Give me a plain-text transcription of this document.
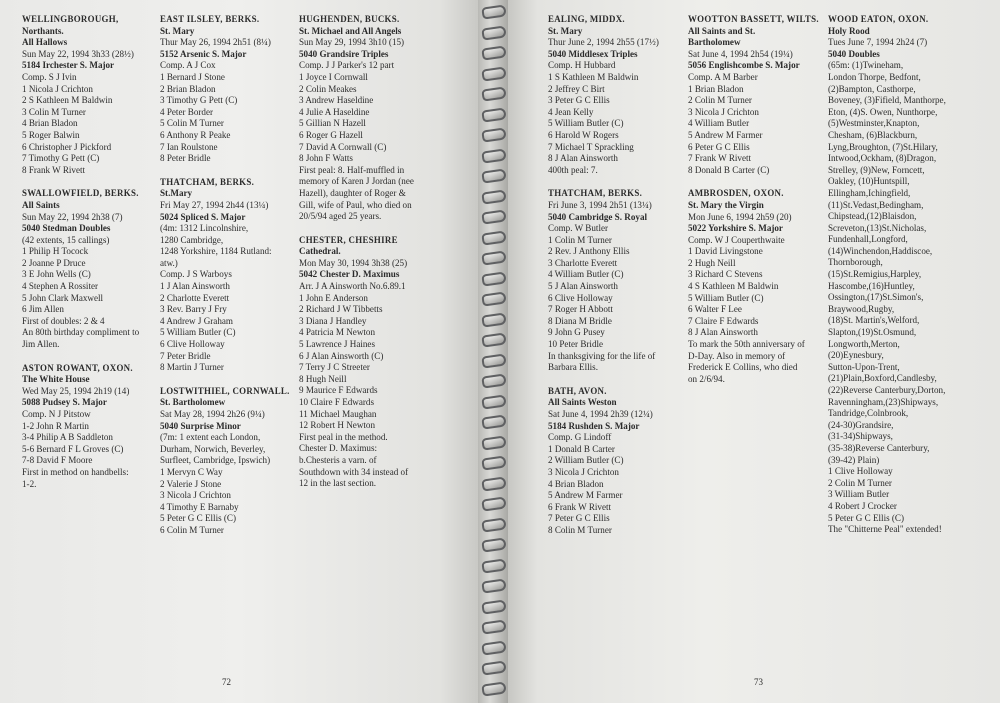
WELLINGBOROUGH,
Northants.
All Hallows
Sun May 22, 1994 3h33 (28½)
5184 Irchester S. Major
Comp. S J Ivin
1 Nicola J Crichton
2 S Kathleen M Baldwin
3 Colin M Turner
4 Brian Bladon
5 Roger Balwin
6 Christopher J Pickford
7 Timothy G Pett (C)
8 Frank W Rivett
SWALLOWFIELD, BERKS.
All Saints
Sun May 22, 1994 2h38 (7)
5040 Stedman Doubles
(42 extents, 15 callings)
1 Philip H Tocock
2 Joanne P Druce
3 E John Wells (C)
4 Stephen A Rossiter
5 John Clark Maxwell
6 Jim Allen
First of doubles: 2 & 4
An 80th birthday compliment to
Jim Allen.
ASTON ROWANT, OXON.
The White House
Wed May 25, 1994 2h19 (14)
5088 Pudsey S. Major
Comp. N J Pitstow
1-2 John R Martin
3-4 Philip A B Saddleton
5-6 Bernard F L Groves (C)
7-8 David F Moore
First in method on handbells:
1-2.
EAST ILSLEY, BERKS.
St. Mary
Thur May 26, 1994 2h51 (8¼)
5152 Arsenic S. Major
Comp. A J Cox
1 Bernard J Stone
2 Brian Bladon
3 Timothy G Pett (C)
4 Peter Border
5 Colin M Turner
6 Anthony R Peake
7 Ian Roulstone
8 Peter Bridle
THATCHAM, BERKS.
St.Mary
Fri May 27, 1994 2h44 (13¼)
5024 Spliced S. Major
(4m: 1312 Lincolnshire,
1280 Cambridge,
1248 Yorkshire, 1184 Rutland:
atw.)
Comp. J S Warboys
1 J Alan Ainsworth
2 Charlotte Everett
3 Rev. Barry J Fry
4 Andrew J Graham
5 William Butler (C)
6 Clive Holloway
7 Peter Bridle
8 Martin J Turner
LOSTWITHIEL, CORNWALL.
St. Bartholomew
Sat May 28, 1994 2h26 (9¼)
5040 Surprise Minor
(7m: 1 extent each London,
Durham, Norwich, Beverley,
Surfleet, Cambridge, Ipswich)
1 Mervyn C Way
2 Valerie J Stone
3 Nicola J Crichton
4 Timothy E Barnaby
5 Peter G C Ellis (C)
6 Colin M Turner
HUGHENDEN, BUCKS.
St. Michael and All Angels
Sun May 29, 1994 3h10 (15)
5040 Grandsire Triples
Comp. J J Parker's 12 part
1 Joyce I Cornwall
2 Colin Meakes
3 Andrew Haseldine
4 Julie A Haseldine
5 Gillian N Hazell
6 Roger G Hazell
7 David A Cornwall (C)
8 John F Watts
First peal: 8. Half-muffled in
memory of Karen J Jordan (nee
Hazell), daughter of Roger &
Gill, wife of Paul, who died on
20/5/94 aged 25 years.
CHESTER, CHESHIRE
Cathedral.
Mon May 30, 1994 3h38 (25)
5042 Chester D. Maximus
Arr. J A Ainsworth No.6.89.1
1 John E Anderson
2 Richard J W Tibbetts
3 Diana J Handley
4 Patricia M Newton
5 Lawrence J Haines
6 J Alan Ainsworth (C)
7 Terry J C Streeter
8 Hugh Neill
9 Maurice F Edwards
10 Claire F Edwards
11 Michael Maughan
12 Robert H Newton
First peal in the method.
Chester D. Maximus:
b.Chesteris a varn. of
Southdown with 34 instead of
12 in the last section.
72
EALING, MIDDX.
St. Mary
Thur June 2, 1994 2h55 (17½)
5040 Middlesex Triples
Comp. H Hubbard
1 S Kathleen M Baldwin
2 Jeffrey C Birt
3 Peter G C Ellis
4 Jean Kelly
5 William Butler (C)
6 Harold W Rogers
7 Michael T Sprackling
8 J Alan Ainsworth
400th peal: 7.
THATCHAM, BERKS.
Fri June 3, 1994 2h51 (13¼)
5040 Cambridge S. Royal
Comp. W Butler
1 Colin M Turner
2 Rev. J Anthony Ellis
3 Charlotte Everett
4 William Butler (C)
5 J Alan Ainsworth
6 Clive Holloway
7 Roger H Abbott
8 Diana M Bridle
9 John G Pusey
10 Peter Bridle
In thanksgiving for the life of
Barbara Ellis.
BATH, AVON.
All Saints Weston
Sat June 4, 1994 2h39 (12¼)
5184 Rushden S. Major
Comp. G Lindoff
1 Donald B Carter
2 William Butler (C)
3 Nicola J Crichton
4 Brian Bladon
5 Andrew M Farmer
6 Frank W Rivett
7 Peter G C Ellis
8 Colin M Turner
WOOTTON BASSETT, WILTS.
All Saints and St.
Bartholomew
Sat June 4, 1994 2h54 (19¼)
5056 Englishcombe S. Major
Comp. A M Barber
1 Brian Bladon
2 Colin M Turner
3 Nicola J Crichton
4 William Butler
5 Andrew M Farmer
6 Peter G C Ellis
7 Frank W Rivett
8 Donald B Carter (C)
AMBROSDEN, OXON.
St. Mary the Virgin
Mon June 6, 1994 2h59 (20)
5022 Yorkshire S. Major
Comp. W J Couperthwaite
1 David Livingstone
2 Hugh Neill
3 Richard C Stevens
4 S Kathleen M Baldwin
5 William Butler (C)
6 Walter F Lee
7 Claire F Edwards
8 J Alan Ainsworth
To mark the 50th anniversary of
D-Day. Also in memory of
Frederick E Collins, who died
on 2/6/94.
WOOD EATON, OXON.
Holy Rood
Tues June 7, 1994 2h24 (7)
5040 Doubles
(65m: (1)Twineham,
London Thorpe, Bedfont,
(2)Bampton, Casthorpe,
Boveney, (3)Fifield, Manthorpe,
Eton, (4)S. Owen, Nunthorpe,
(5)Westminster,Knapton,
Chesham, (6)Blackburn,
Lyng,Broughton, (7)St.Hilary,
Intwood,Ockham, (8)Dragon,
Strelley, (9)New, Forncett,
Oakley, (10)Huntspill,
Ellingham,Ichingfield,
(11)St.Vedast,Bedingham,
Chipstead,(12)Blaisdon,
Screveton,(13)St.Nicholas,
Fundenhall,Longford,
(14)Winchendon,Haddiscoe,
Thornborough,
(15)St.Remigius,Harpley,
Hascombe,(16)Huntley,
Ossington,(17)St.Simon's,
Braywood,Rugby,
(18)St. Martin's,Welford,
Slapton,(19)St.Osmund,
Longworth,Merton,
(20)Eynesbury,
Sutton-Upon-Trent,
(21)Plain,Boxford,Candlesby,
(22)Reverse Canterbury,Dorton,
Ravenningham,(23)Shipways,
Tandridge,Colnbrook,
(24-30)Grandsire,
(31-34)Shipways,
(35-38)Reverse Canterbury,
(39-42) Plain)
1 Clive Holloway
2 Colin M Turner
3 William Butler
4 Robert J Crocker
5 Peter G C Ellis (C)
The "Chitterne Peal" extended!
73
